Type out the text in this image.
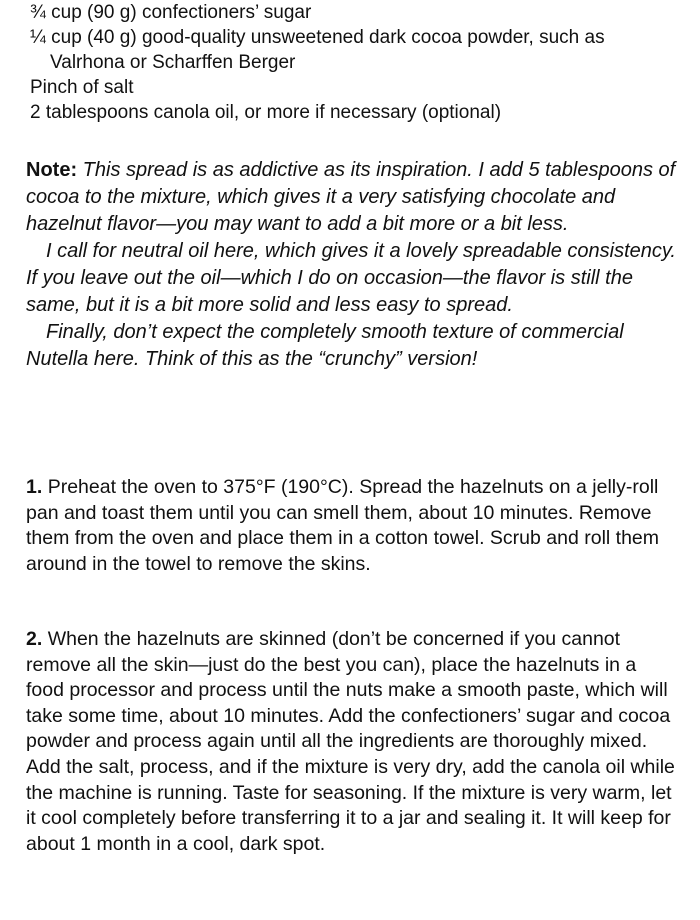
¾ cup (90 g) confectioners’ sugar
¼ cup (40 g) good-quality unsweetened dark cocoa powder, such as
Valrhona or Scharffen Berger
Pinch of salt
2 tablespoons canola oil, or more if necessary (optional)

Note: This spread is as addictive as its inspiration. I add 5 tablespoons of cocoa to the mixture, which gives it a very satisfying chocolate and hazelnut flavor—you may want to add a bit more or a bit less.

I call for neutral oil here, which gives it a lovely spreadable consistency. If you leave out the oil—which I do on occasion—the flavor is still the same, but it is a bit more solid and less easy to spread.

Finally, don’t expect the completely smooth texture of commercial Nutella here. Think of this as the “crunchy” version!

1. Preheat the oven to 375°F (190°C). Spread the hazelnuts on a jelly-roll pan and toast them until you can smell them, about 10 minutes. Remove them from the oven and place them in a cotton towel. Scrub and roll them around in the towel to remove the skins.

2. When the hazelnuts are skinned (don’t be concerned if you cannot remove all the skin—just do the best you can), place the hazelnuts in a food processor and process until the nuts make a smooth paste, which will take some time, about 10 minutes. Add the confectioners’ sugar and cocoa powder and process again until all the ingredients are thoroughly mixed. Add the salt, process, and if the mixture is very dry, add the canola oil while the machine is running. Taste for seasoning. If the mixture is very warm, let it cool completely before transferring it to a jar and sealing it. It will keep for about 1 month in a cool, dark spot.
